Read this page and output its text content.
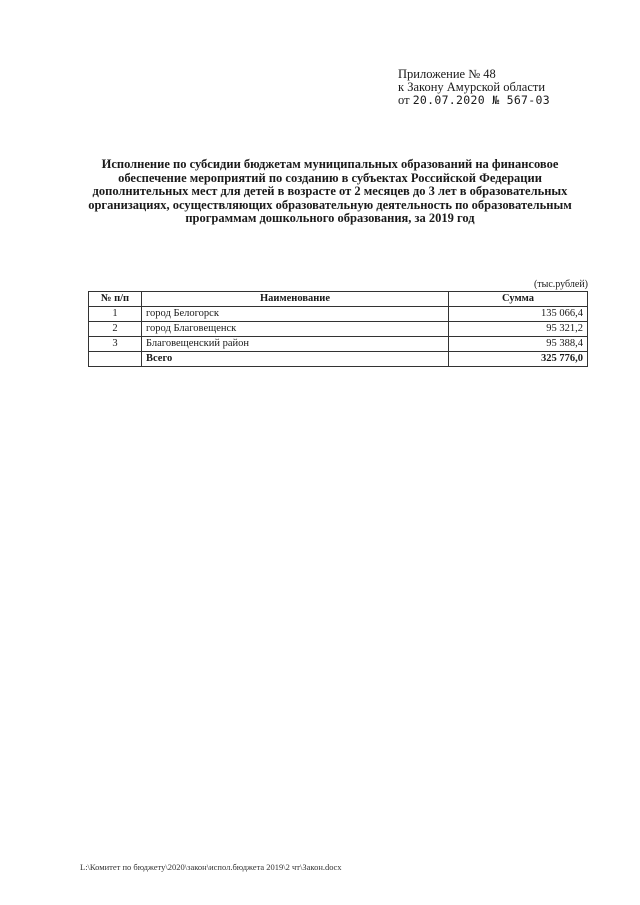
Приложение № 48
к Закону Амурской области
от 20.07.2020 № 567-03
Исполнение по субсидии бюджетам муниципальных образований на финансовое обеспечение мероприятий по созданию в субъектах Российской Федерации дополнительных мест для детей в возрасте от 2 месяцев до 3 лет в образовательных организациях, осуществляющих образовательную деятельность по образовательным программам дошкольного образования, за 2019 год
(тыс.рублей)
№ п/п	Наименование	Сумма
1	город Белогорск	135 066,4
2	город Благовещенск	95 321,2
3	Благовещенский район	95 388,4
	Всего	325 776,0
L:\Комитет по бюджету\2020\закон\испол.бюджета 2019\2 чт\Закон.docx
